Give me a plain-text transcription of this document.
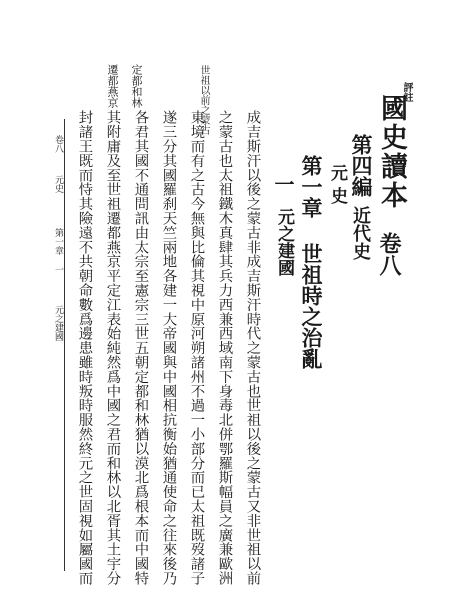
評註
國史讀本
卷八
第四編
近代史
元史
第一章
世祖時之治亂
一
元之建國
世祖以前之蒙古
定都和林
遷都燕京
成吉斯汗以後之蒙古非成吉斯汗時代之蒙古也世祖以後之蒙古又非世祖以前
之蒙古也太祖鐵木真肆其兵力西兼西域南下身毒北併鄂羅斯幅員之廣兼歐洲
東境而有之古今無與比倫其視中原河朔諸州不過一小部分而已太祖既歿諸子
遂三分其國羅刹天竺兩地各建一大帝國與中國相抗衡始猶通使命之往來後乃
各君其國不通問訊由太宗至憲宗三世五朝定都和林猶以漠北爲根本而中國特
其附庸及至世祖遷都燕京平定江表始純然爲中國之君而和林以北胥其土宇分
封諸王既而恃其險遠不共朝命數爲邊患雖時叛時服然終元之世固視如屬國而
卷八
元史
第一章
一
元之建國
